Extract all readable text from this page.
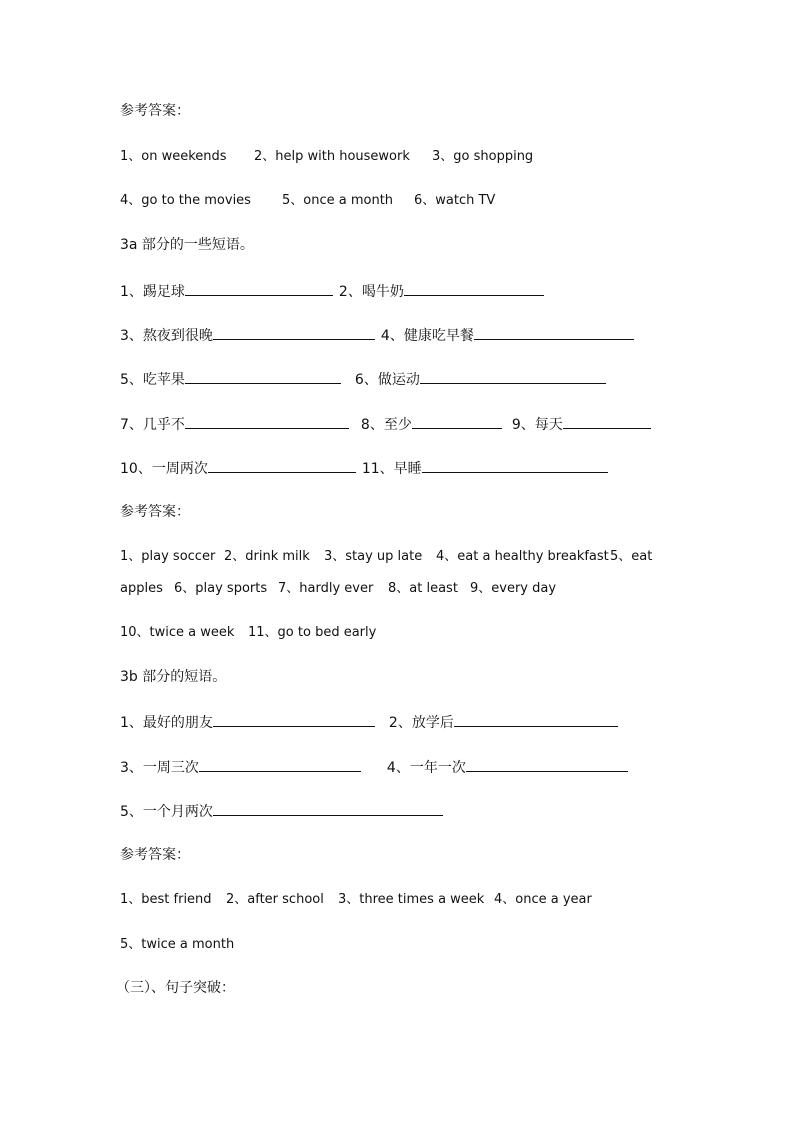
参考答案：
1、on weekends 2、help with housework 3、go shopping
4、go to the movies 5、once a month 6、watch TV
3a 部分的一些短语。
1、踢足球	2、喝牛奶
3、熬夜到很晚	4、健康吃早餐
5、吃苹果	6、做运动
7、几乎不	8、至少	9、每天
10、一周两次	11、早睡
参考答案：
1、play soccer 2、drink milk 3、stay up late 4、eat a healthy breakfast5、eat
apples 6、play sports 7、hardly ever 8、at least 9、every day
10、twice a week 11、go to bed early
3b 部分的短语。
1、最好的朋友	2、放学后
3、一周三次	4、一年一次
5、一个月两次
参考答案：
1、best friend 2、after school 3、three times a week 4、once a year
5、twice a month
（三）、句子突破：
